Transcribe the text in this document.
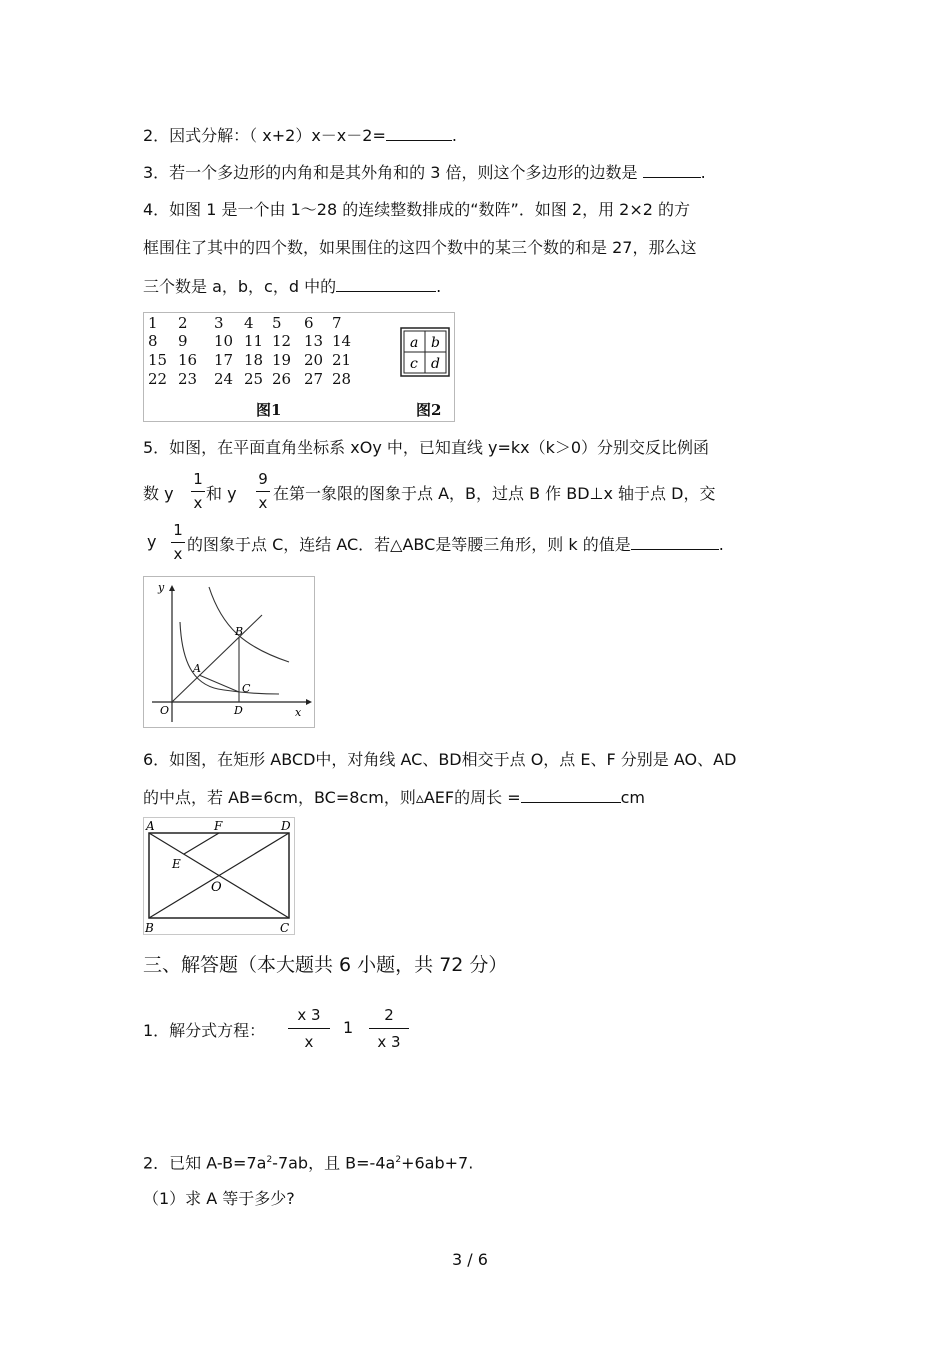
2．因式分解：（ x+2）x－x－2=	.
3．若一个多边形的内角和是其外角和的 3 倍，则这个多边形的边数是	.
4．如图 1 是一个由 1～28 的连续整数排成的“数阵”．如图 2，用 2×2 的方
框围住了其中的四个数，如果围住的这四个数中的某三个数的和是 27，那么这
三个数是 a，b，c，d 中的	.
1 2 3 4 5 6 7
8 9 10 11 12 13 14
15 16 17 18 19 20 21
22 23 24 25 26 27 28
图1	图2
a b
c d
5．如图，在平面直角坐标系 xOy 中，已知直线 y=kx（k＞0）分别交反比例函
数 y
1
x 和 y
9
x 在第一象限的图象于点 A，B，过点 B 作 BD⊥x 轴于点 D，交
y
1
x 的图象于点 C，连结 AC．若△ABC是等腰三角形，则 k 的值是	.
y
x
O
A
B
C
D
6．如图，在矩形 ABCD中，对角线 AC、BD相交于点 O，点 E、F 分别是 AO、AD
的中点，若 AB=6cm，BC=8cm，则▵AEF的周长 =	cm
A	F	D
E
O
B	C
三、解答题（本大题共 6 小题，共 72 分）
1．解分式方程：
x 3
x
1
2
x 3
2．已知 $A-B=7a^2-7ab$，且 $B=-4a^2+6ab+7$.
（1）求 A 等于多少?
3 / 6
